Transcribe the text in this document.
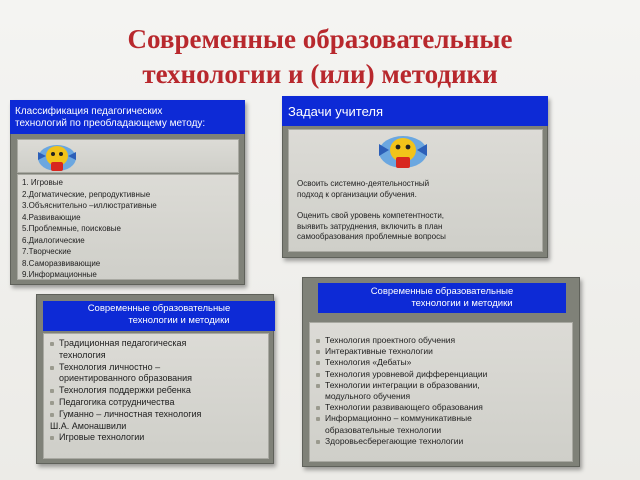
Современные образовательные
технологии и (или) методики
Классификация педагогических
технологий по преобладающему методу:
1. Игровые
2.Догматические, репродуктивные
3.Объяснительно –иллюстративные
4.Развивающие
5.Проблемные, поисковые
6.Диалогические
7.Творческие
8.Саморазвивающие
9.Информационные
Задачи учителя
Освоить системно-деятельностный
подход к организации обучения.
Оценить свой уровень компетентности,
выявить затруднения, включить в план
самообразования проблемные вопросы
Современные образовательные
технологии и методики
Традиционная педагогическая
технология
Технология личностно –
ориентированного образования
Технология поддержки ребенка
Педагогика сотрудничества
Гуманно – личностная технология
Ш.А. Амонашвили
Игровые технологии
Современные образовательные
технологии и методики
Технология проектного обучения
Интерактивные технологии
Технология «Дебаты»
Технология уровневой дифференциации
Технологии интеграции в образовании,
модульного обучения
Технологии развивающего образования
Информационно – коммуникативные
образовательные технологии
Здоровьесберегающие технологии
